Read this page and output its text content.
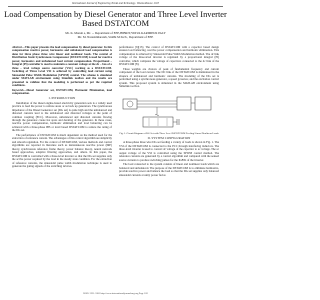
International Journal of Engineering Trends and Technology- Volume4Issue2- 2013
Load Compensation by Diesel Generator and Three Level Inverter Based DSTATCOM
Mr. K. Manoh a, Mr. ... Department of EEE,HIBRIT,YDIVA KARIMPUR PALY
Mr. M. Narasimharaiah, Siddhi M.Tech , Department of EEE

Abstract—This paper presents the load compensation by diesel generator. In this compensation reactive power, harmonics and unbalanced load compensation is done for three phase three wire linear and nonlinear loads. The control of Distribution Static Synchronous Compensator (DSTATCOM) is used for reactive power, harmonics and unbalanced load current compensation. Proportional – Integral (PI) controller is used to maintain a constant voltage at the dc – bus of a three – level voltage source converter (VSC) working as a DSTATCOM. Switching of Three Level VSI is achieved by controlling load current using Sinusoidal Pulse Width Modulation (SPWM) control. The scheme is simulated under MATLAB environment using Simulink toolbox and the results are presented to validate that the modeling is performed as per the required conditions.

Keywords—Diesel Generator set, DSTATCOM, Harmonic Elimination, load compensation.

I. INTRODUCTION

Installation of the diesel engine-based electricity generation sets is a widely used practice to feed the power to remote areas or as back up generators. The synchronous impedance of the Diesel Generator set (DG set) is quite high and the unbalanced and distorted currents lead to the unbalanced and distorted voltages at the point of common coupling (PCC). Moreover, unbalanced and distorted currents flowing through the generator create hot spots and derating of the generator. In these cases, reactive power compensation, harmonic elimination and load balancing can be achieved with a three-phase IBS or level based DSTATCOM to reduce the rating of the DG set.

The performance of DSTATCOM is much dependent on the method used for the extraction of reference current. The advantages of this control algorithm are simplicity and smooth regulation. For the control of DSTATCOM, various methods and control algorithms are reported in literature such as instantaneous reactive power (IRP) theory, synchronous reference frame theory, power balance theory, neural network based approaches, adaptive filtering approaches, and others. In this paper, the DSTATCOM is controlled with a three-level inverter so that the DG set supplies only the active power required by the load in the steady state condition. For the extraction of reference currents, the sinusoidal pulse width modulation technique is used to generate the gating signals of the switching devices.

performance [6][13]. The control of DSTATCOM with a capacitor based design ensures load balancing, reactive power compensation and harmonic elimination. This compensation is achieved by Sinusoidal Pulse Width Modulation method. The dc link voltage of the three-level inverter is regulated by a proportional integral (PI) controller, which computes the voltage of capacitors connected to the dc link of the DSTATCOM [8].

Three weights are choices of peak of fundamental frequency and current component of the load current. The DC link of the DSTATCOM is maintained in the absence of unbalanced and harmonic currents. The modeling of the DG set is performed using a synchronous generator, a speed governor, and the excitation control system. This proposed system is simulated in the MATLAB environment using Simulink toolbox.

Fig. 1. Circuit Diagram of DG Set with Three Level DSTATCOM Feeding Linear/Nonlinear Loads
II. SYSTEM CONFIGURATION

A three-phase three wire DG set feeding a variety of loads is shown in Fig. 1. The VSI of the DSTATCOM is connected to the PCC through interfacing inductors. The three-level inverter is used to convert dc voltage of the capacitor to ac voltage. The ac output voltage of the VSI is controlled using the SPWM control method. The reference currents are generated by a control algorithm and compared with the sensed source currents to produce switching pulses for the IGBTs of the inverter.

The load connected to the system consists of linear and nonlinear loads which are balanced and unbalanced. The purpose of the DSTATCOM is to eliminate harmonics, provide reactive power and balance the load so that the DG set supplies only balanced sinusoidal currents at unity power factor.

ISSN: 2231-5381 http://www.internationaljournalssrg.org Page 182
